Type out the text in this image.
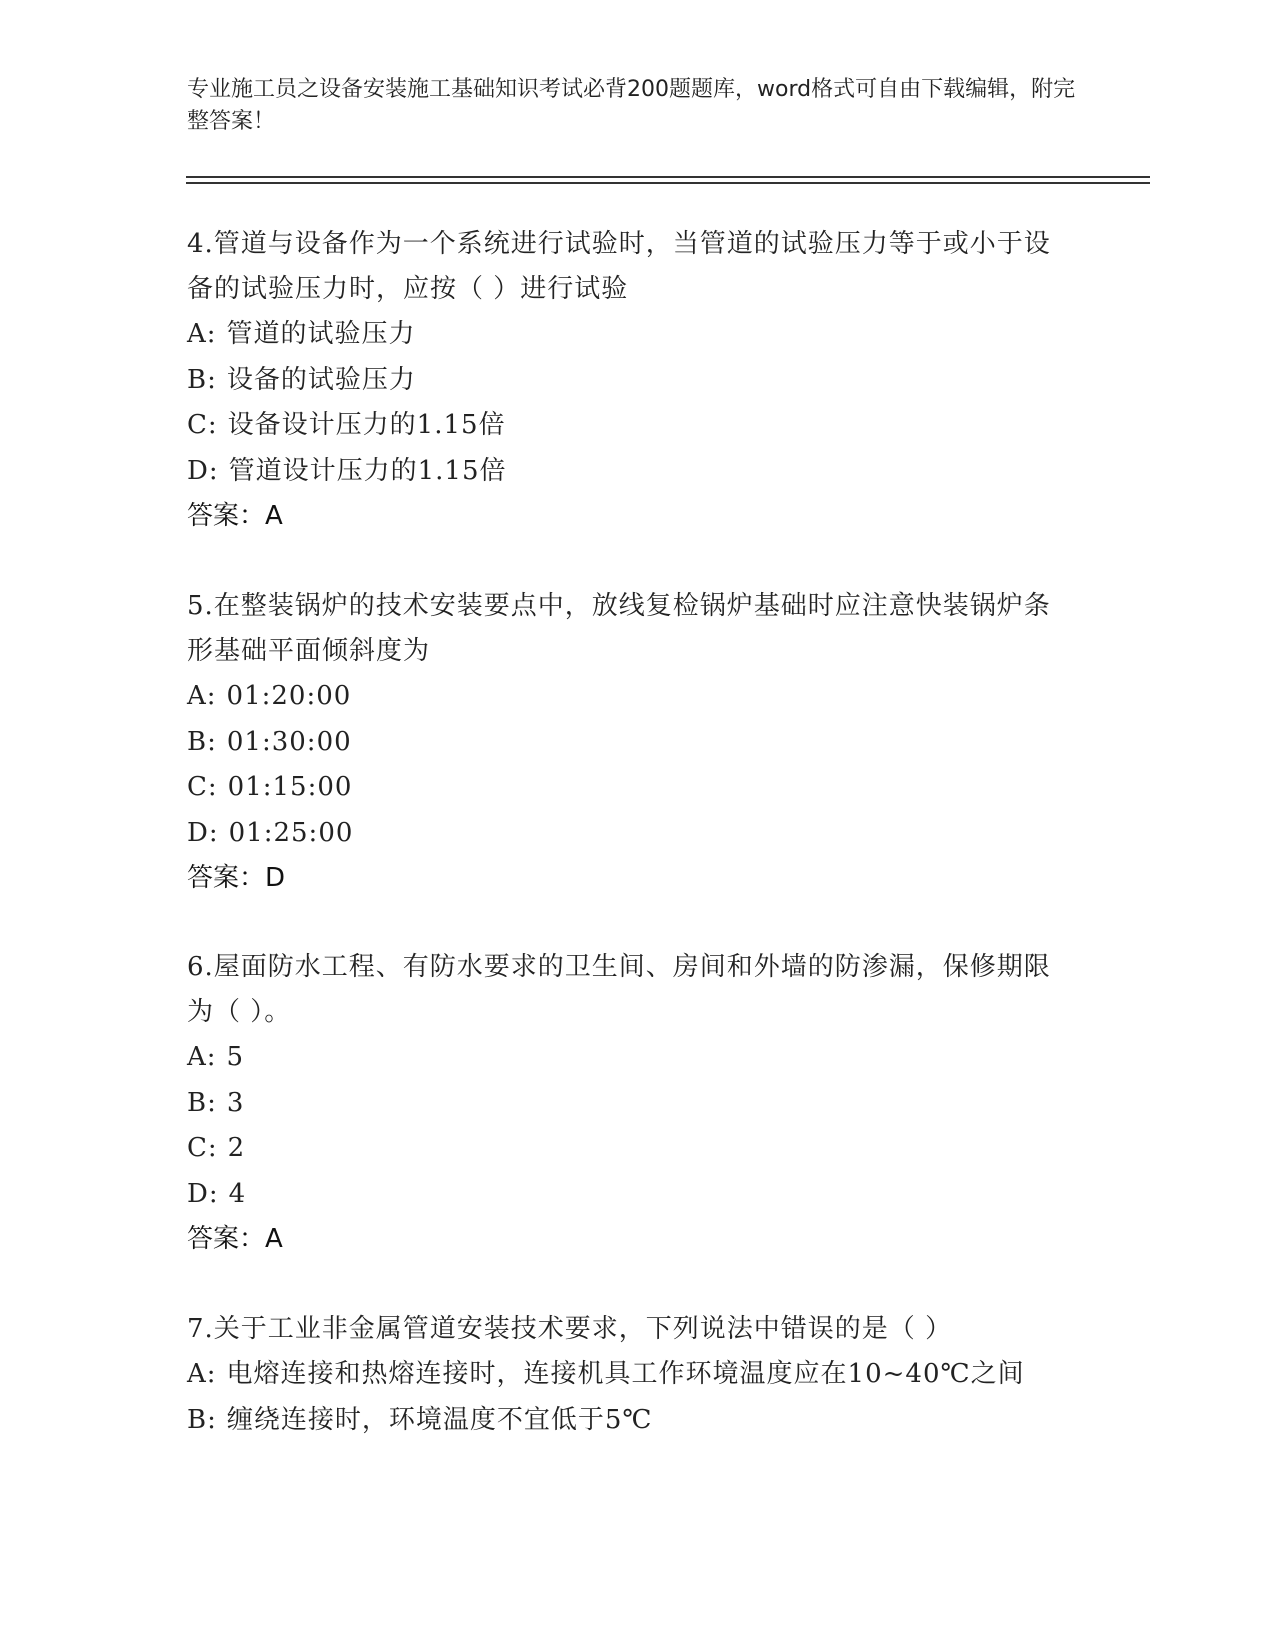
专业施工员之设备安装施工基础知识考试必背200题题库，word格式可自由下载编辑，附完整答案！

4.管道与设备作为一个系统进行试验时，当管道的试验压力等于或小于设备的试验压力时，应按（ ）进行试验

A: 管道的试验压力

B: 设备的试验压力

C: 设备设计压力的1.15倍

D: 管道设计压力的1.15倍

答案：A

5.在整装锅炉的技术安装要点中，放线复检锅炉基础时应注意快装锅炉条形基础平面倾斜度为

A: 01:20:00

B: 01:30:00

C: 01:15:00

D: 01:25:00

答案：D

6.屋面防水工程、有防水要求的卫生间、房间和外墙的防渗漏，保修期限为（ ）。

A: 5

B: 3

C: 2

D: 4

答案：A

7.关于工业非金属管道安装技术要求，下列说法中错误的是（ ）

A: 电熔连接和热熔连接时，连接机具工作环境温度应在10~40℃之间

B: 缠绕连接时，环境温度不宜低于5℃
